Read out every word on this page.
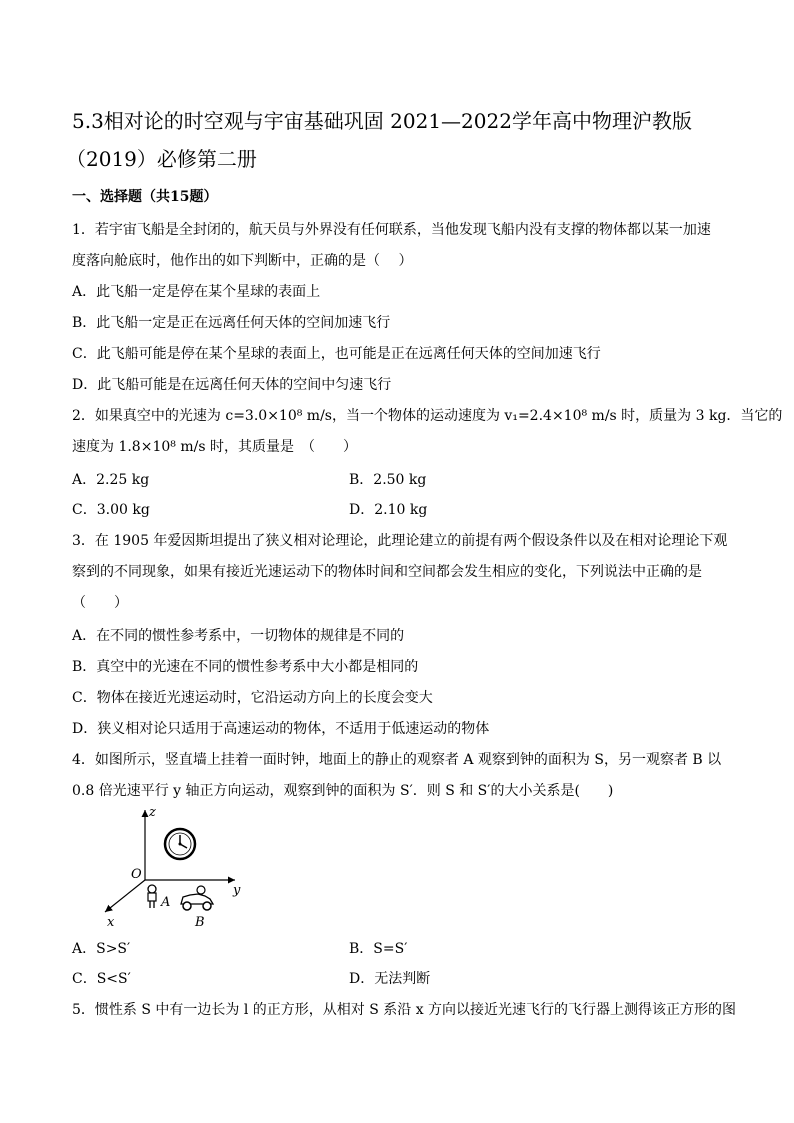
5.3相对论的时空观与宇宙基础巩固 2021—2022学年高中物理沪教版
（2019）必修第二册
一、选择题（共15题）
1．若宇宙飞船是全封闭的，航天员与外界没有任何联系，当他发现飞船内没有支撑的物体都以某一加速
度落向舱底时，他作出的如下判断中，正确的是（　 ）
A．此飞船一定是停在某个星球的表面上
B．此飞船一定是正在远离任何天体的空间加速飞行
C．此飞船可能是停在某个星球的表面上，也可能是正在远离任何天体的空间加速飞行
D．此飞船可能是在远离任何天体的空间中匀速飞行
2．如果真空中的光速为 c=3.0×10⁸ m/s，当一个物体的运动速度为 v₁=2.4×10⁸ m/s 时，质量为 3 kg．当它的
速度为 1.8×10⁸ m/s 时，其质量是　（　　）
A．2.25 kg	B．2.50 kg
C．3.00 kg	D．2.10 kg
3．在 1905 年爱因斯坦提出了狭义相对论理论，此理论建立的前提有两个假设条件以及在相对论理论下观
察到的不同现象，如果有接近光速运动下的物体时间和空间都会发生相应的变化，下列说法中正确的是
（　　）
A．在不同的惯性参考系中，一切物体的规律是不同的
B．真空中的光速在不同的惯性参考系中大小都是相同的
C．物体在接近光速运动时，它沿运动方向上的长度会变大
D．狭义相对论只适用于高速运动的物体，不适用于低速运动的物体
4．如图所示，竖直墙上挂着一面时钟，地面上的静止的观察者 A 观察到钟的面积为 S，另一观察者 B 以
0.8 倍光速平行 y 轴正方向运动，观察到钟的面积为 S′．则 S 和 S′的大小关系是(　　)
z
y
x
O
A
B
A．S>S′	B．S=S′
C．S<S′	D．无法判断
5．惯性系 S 中有一边长为 l 的正方形，从相对 S 系沿 x 方向以接近光速飞行的飞行器上测得该正方形的图
